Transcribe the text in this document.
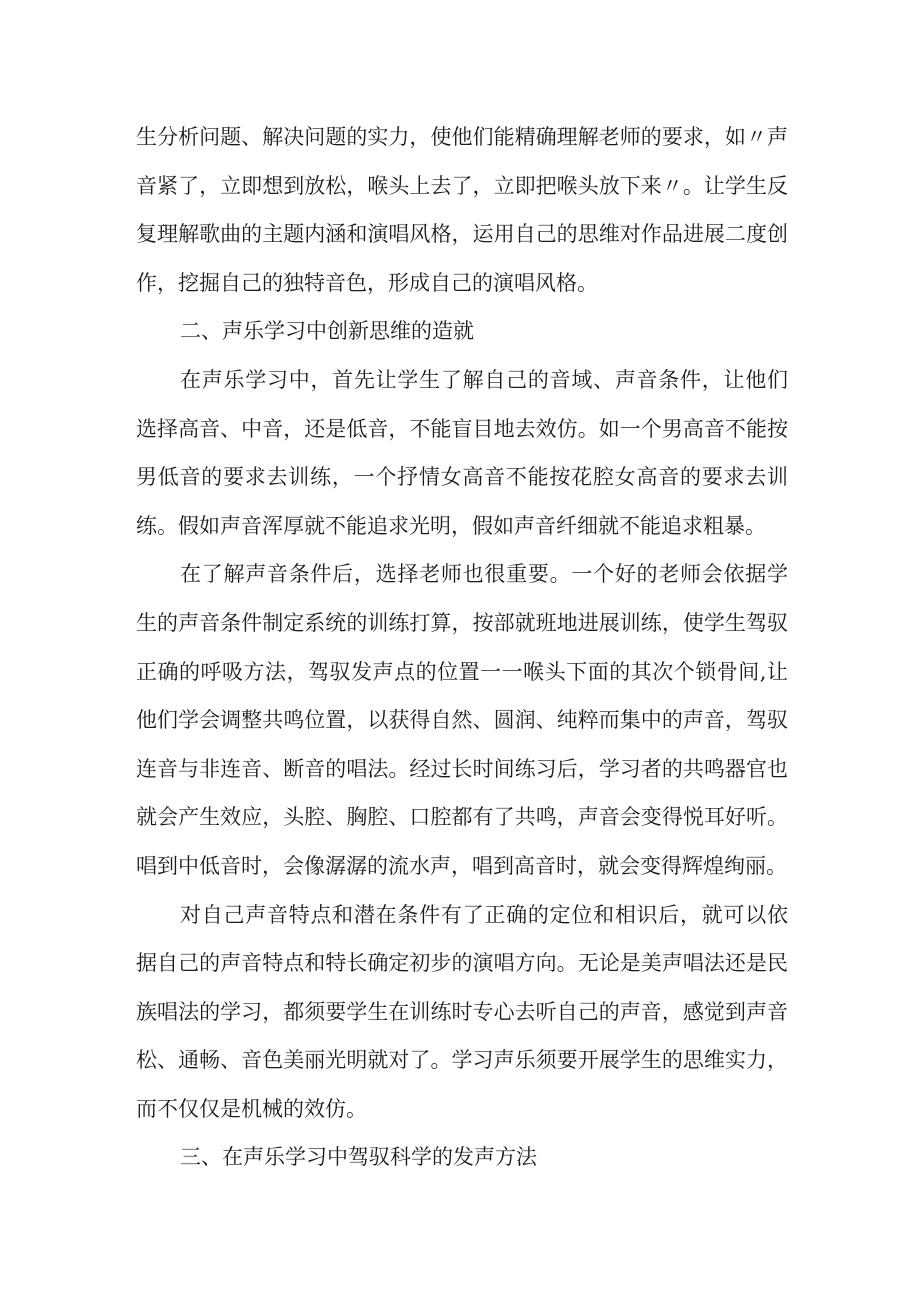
生分析问题、解决问题的实力，使他们能精确理解老师的要求，如〃声音紧了，立即想到放松，喉头上去了，立即把喉头放下来〃。让学生反复理解歌曲的主题内涵和演唱风格，运用自己的思维对作品进展二度创作，挖掘自己的独特音色，形成自己的演唱风格。

二、声乐学习中创新思维的造就

在声乐学习中，首先让学生了解自己的音域、声音条件，让他们选择高音、中音，还是低音，不能盲目地去效仿。如一个男高音不能按男低音的要求去训练，一个抒情女高音不能按花腔女高音的要求去训练。假如声音浑厚就不能追求光明，假如声音纤细就不能追求粗暴。

在了解声音条件后，选择老师也很重要。一个好的老师会依据学生的声音条件制定系统的训练打算，按部就班地进展训练，使学生驾驭正确的呼吸方法，驾驭发声点的位置一一喉头下面的其次个锁骨间,让他们学会调整共鸣位置，以获得自然、圆润、纯粹而集中的声音，驾驭连音与非连音、断音的唱法。经过长时间练习后，学习者的共鸣器官也就会产生效应，头腔、胸腔、口腔都有了共鸣，声音会变得悦耳好听。唱到中低音时，会像潺潺的流水声，唱到高音时，就会变得辉煌绚丽。

对自己声音特点和潜在条件有了正确的定位和相识后，就可以依据自己的声音特点和特长确定初步的演唱方向。无论是美声唱法还是民族唱法的学习，都须要学生在训练时专心去听自己的声音，感觉到声音松、通畅、音色美丽光明就对了。学习声乐须要开展学生的思维实力，而不仅仅是机械的效仿。

三、在声乐学习中驾驭科学的发声方法
